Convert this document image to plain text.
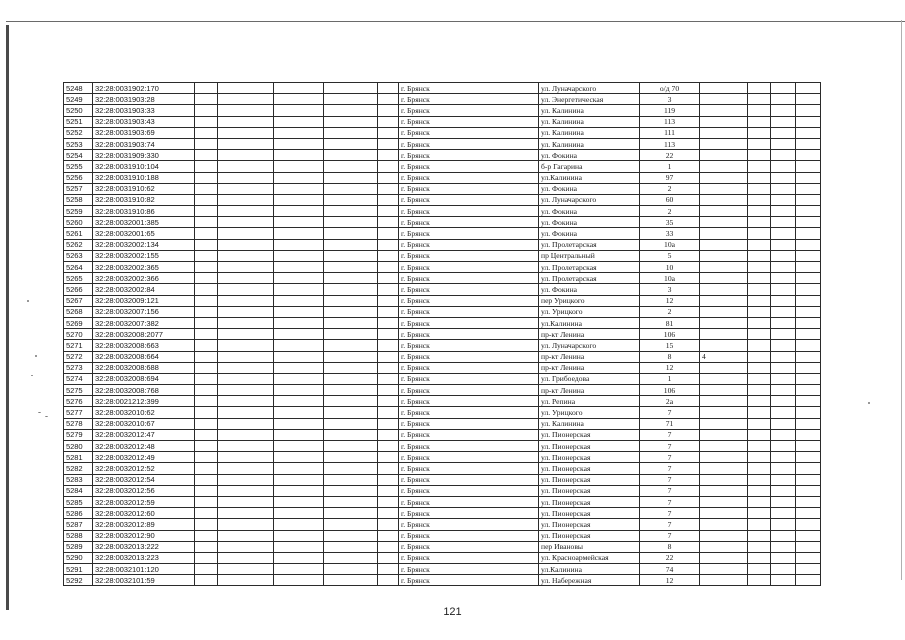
5248	32:28:0031902:170						г. Брянск	ул. Луначарского	о/д 70				
5249	32:28:0031903:28						г. Брянск	ул. Энергетическая	3				
5250	32:28:0031903:33						г. Брянск	ул. Калинина	119				
5251	32:28:0031903:43						г. Брянск	ул. Калинина	113				
5252	32:28:0031903:69						г. Брянск	ул. Калинина	111				
5253	32:28:0031903:74						г. Брянск	ул. Калинина	113				
5254	32:28:0031909:330						г. Брянск	ул. Фокина	22				
5255	32:28:0031910:104						г. Брянск	б-р Гагарина	1				
5256	32:28:0031910:188						г. Брянск	ул.Калинина	97				
5257	32:28:0031910:62						г. Брянск	ул. Фокина	2				
5258	32:28:0031910:82						г. Брянск	ул. Луначарского	60				
5259	32:28:0031910:86						г. Брянск	ул. Фокина	2				
5260	32:28:0032001:385						г. Брянск	ул. Фокина	35				
5261	32:28:0032001:65						г. Брянск	ул. Фокина	33				
5262	32:28:0032002:134						г. Брянск	ул. Пролетарская	10а				
5263	32:28:0032002:155						г. Брянск	пр Центральный	5				
5264	32:28:0032002:365						г. Брянск	ул. Пролетарская	10				
5265	32:28:0032002:366						г. Брянск	ул. Пролетарская	10а				
5266	32:28:0032002:84						г. Брянск	ул. Фокина	3				
5267	32:28:0032009:121						г. Брянск	пер Урицкого	12				
5268	32:28:0032007:156						г. Брянск	ул. Урицкого	2				
5269	32:28:0032007:382						г. Брянск	ул.Калинина	81				
5270	32:28:0032008:2077						г. Брянск	пр-кт Ленина	106				
5271	32:28:0032008:663						г. Брянск	ул. Луначарского	15				
5272	32:28:0032008:664						г. Брянск	пр-кт Ленина	8	4			
5273	32:28:0032008:688						г. Брянск	пр-кт Ленина	12				
5274	32:28:0032008:694						г. Брянск	ул. Грибоедова	1				
5275	32:28:0032008:768						г. Брянск	пр-кт Ленина	106				
5276	32:28:0021212:399						г. Брянск	ул. Репина	2а				
5277	32:28:0032010:62						г. Брянск	ул. Урицкого	7				
5278	32:28:0032010:67						г. Брянск	ул. Калинина	71				
5279	32:28:0032012:47						г. Брянск	ул. Пионерская	7				
5280	32:28:0032012:48						г. Брянск	ул. Пионерская	7				
5281	32:28:0032012:49						г. Брянск	ул. Пионерская	7				
5282	32:28:0032012:52						г. Брянск	ул. Пионерская	7				
5283	32:28:0032012:54						г. Брянск	ул. Пионерская	7				
5284	32:28:0032012:56						г. Брянск	ул. Пионерская	7				
5285	32:28:0032012:59						г. Брянск	ул. Пионерская	7				
5286	32:28:0032012:60						г. Брянск	ул. Пионерская	7				
5287	32:28:0032012:89						г. Брянск	ул. Пионерская	7				
5288	32:28:0032012:90						г. Брянск	ул. Пионерская	7				
5289	32:28:0032013:222						г. Брянск	пер Ивановы	8				
5290	32:28:0032013:223						г. Брянск	ул. Красноармейская	22				
5291	32:28:0032101:120						г. Брянск	ул.Калинина	74				
5292	32:28:0032101:59						г. Брянск	ул. Набережная	12				
121
